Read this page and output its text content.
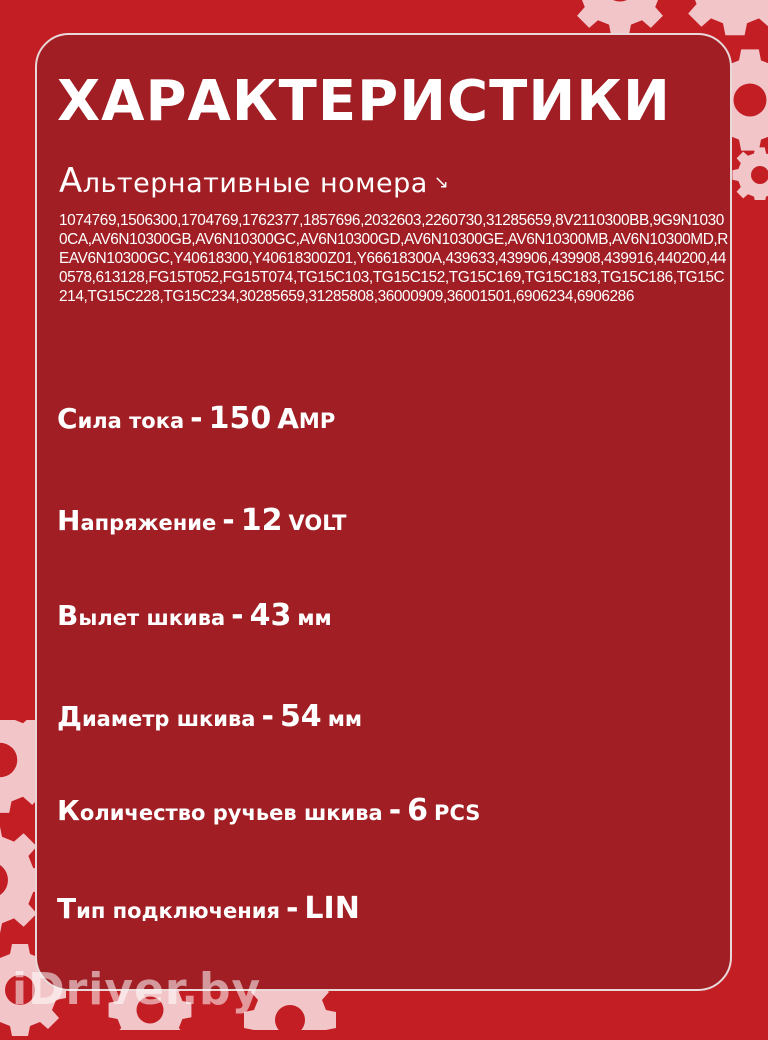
ХАРАКТЕРИСТИКИ

Альтернативные номера ↘

1074769,1506300,1704769,1762377,1857696,2032603,2260730,31285659,8V2110300BB,9G9N10300CA,AV6N10300GB,AV6N10300GC,AV6N10300GD,AV6N10300GE,AV6N10300MB,AV6N10300MD,REAV6N10300GC,Y40618300,Y40618300Z01,Y66618300A,439633,439906,439908,439916,440200,440578,613128,FG15T052,FG15T074,TG15C103,TG15C152,TG15C169,TG15C183,TG15C186,TG15C214,TG15C228,TG15C234,30285659,31285808,36000909,36001501,6906234,6906286

Сила тока - 150 AMP

Напряжение - 12 VOLT

Вылет шкива - 43 мм

Диаметр шкива - 54 мм

Количество ручьев шкива - 6 PCS

Тип подключения - LIN

iDriver.by
